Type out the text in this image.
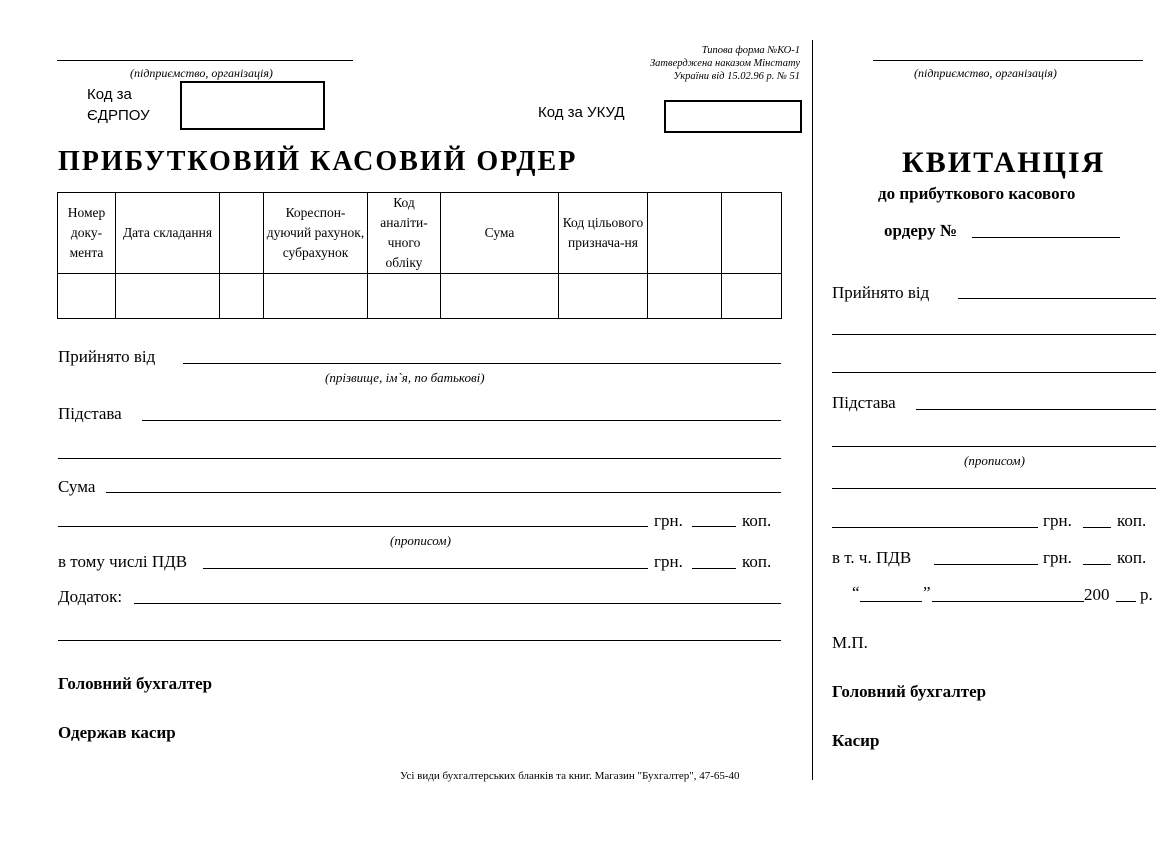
(підприємство, організація)
Код за
ЄДРПОУ
Типова форма №КО-1
Затверджена наказом Мінстату
України від 15.02.96 р. № 51
Код за УКУД
ПРИБУТКОВИЙ КАСОВИЙ ОРДЕР
Номер доку-мента	Дата складання		Кореспон-дуючий рахунок, субрахунок	Код аналіти-чного обліку	Сума	Код цільового признача-ня		

Прийнято від
(прізвище, ім`я, по батькові)
Підстава
Сума
грн.	коп.
(прописом)
в тому числі ПДВ	грн.	коп.
Додаток:
Головний бухгалтер
Одержав касир
Усі види бухгалтерських бланків та книг. Магазин "Бухгалтер", 47-65-40
(підприємство, організація)
КВИТАНЦІЯ
до прибуткового касового
ордеру №
Прийнято від
Підстава
(прописом)
грн.	коп.
в т. ч. ПДВ	грн.	коп.
“	”	200 р.
М.П.
Головний бухгалтер
Касир
